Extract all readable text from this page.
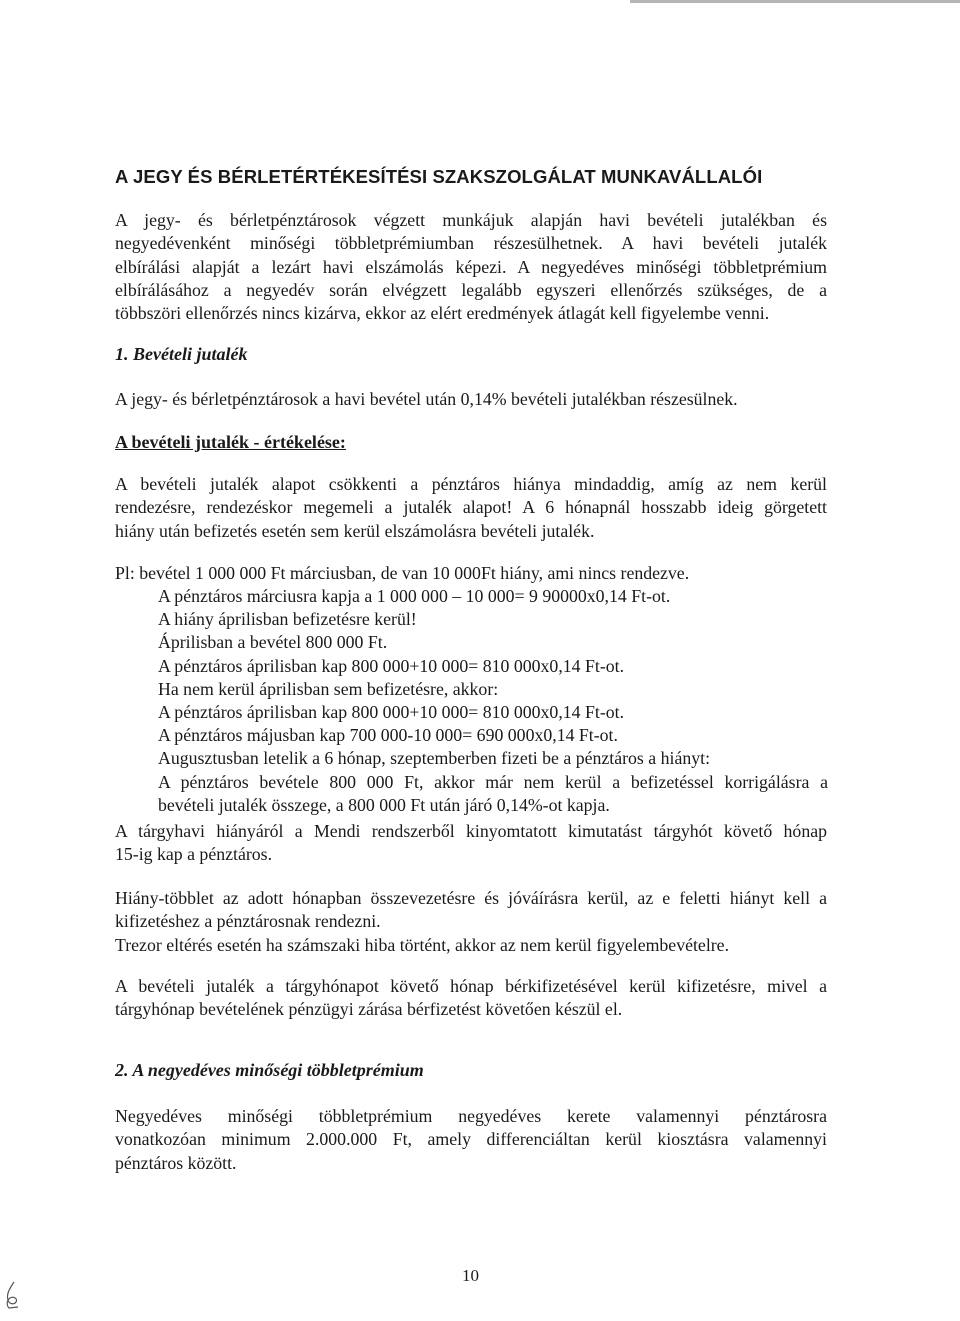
A JEGY ÉS BÉRLETÉRTÉKESÍTÉSI SZAKSZOLGÁLAT MUNKAVÁLLALÓI

A jegy- és bérletpénztárosok végzett munkájuk alapján havi bevételi jutalékban és
negyedévenként minőségi többletprémiumban részesülhetnek. A havi bevételi jutalék
elbírálási alapját a lezárt havi elszámolás képezi. A negyedéves minőségi többletprémium
elbírálásához a negyedév során elvégzett legalább egyszeri ellenőrzés szükséges, de a
többszöri ellenőrzés nincs kizárva, ekkor az elért eredmények átlagát kell figyelembe venni.

1. Bevételi jutalék

A jegy- és bérletpénztárosok a havi bevétel után 0,14% bevételi jutalékban részesülnek.

A bevételi jutalék - értékelése:

A bevételi jutalék alapot csökkenti a pénztáros hiánya mindaddig, amíg az nem kerül
rendezésre, rendezéskor megemeli a jutalék alapot! A 6 hónapnál hosszabb ideig görgetett
hiány után befizetés esetén sem kerül elszámolásra bevételi jutalék.

Pl: bevétel 1 000 000 Ft márciusban, de van 10 000Ft hiány, ami nincs rendezve.

A pénztáros márciusra kapja a 1 000 000 – 10 000= 9 90000x0,14 Ft-ot.
A hiány áprilisban befizetésre kerül!
Áprilisban a bevétel 800 000 Ft.
A pénztáros áprilisban kap 800 000+10 000= 810 000x0,14 Ft-ot.
Ha nem kerül áprilisban sem befizetésre, akkor:
A pénztáros áprilisban kap 800 000+10 000= 810 000x0,14 Ft-ot.
A pénztáros májusban kap 700 000-10 000= 690 000x0,14 Ft-ot.
Augusztusban letelik a 6 hónap, szeptemberben fizeti be a pénztáros a hiányt:
A pénztáros bevétele 800 000 Ft, akkor már nem kerül a befizetéssel korrigálásra a
bevételi jutalék összege, a 800 000 Ft után járó 0,14%-ot kapja.

A tárgyhavi hiányáról a Mendi rendszerből kinyomtatott kimutatást tárgyhót követő hónap
15-ig kap a pénztáros.

Hiány-többlet az adott hónapban összevezetésre és jóváírásra kerül, az e feletti hiányt kell a
kifizetéshez a pénztárosnak rendezni.
Trezor eltérés esetén ha számszaki hiba történt, akkor az nem kerül figyelembevételre.

A bevételi jutalék a tárgyhónapot követő hónap bérkifizetésével kerül kifizetésre, mivel a
tárgyhónap bevételének pénzügyi zárása bérfizetést követően készül el.

2. A negyedéves minőségi többletprémium

Negyedéves minőségi többletprémium negyedéves kerete valamennyi pénztárosra
vonatkozóan minimum 2.000.000 Ft, amely differenciáltan kerül kiosztásra valamennyi
pénztáros között.

10
